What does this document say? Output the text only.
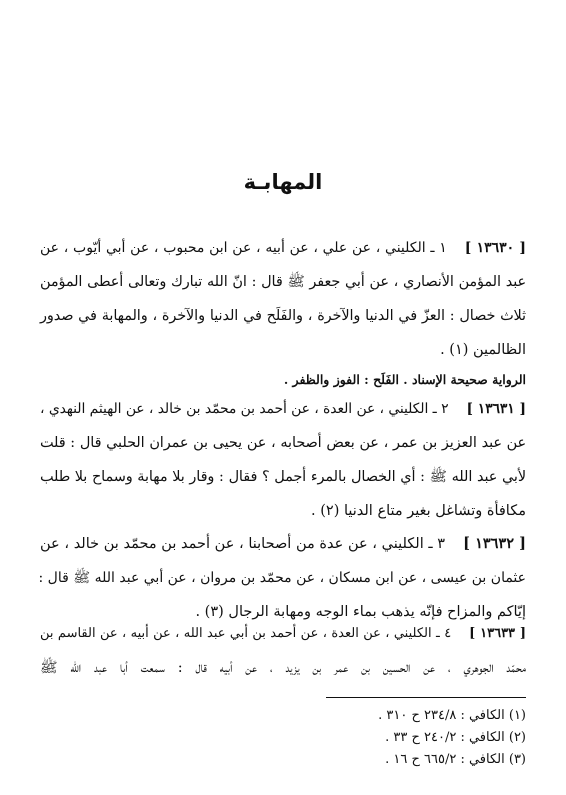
المهابـة
[ ١٣٦٣٠ ]١ ـ الكليني ، عن علي ، عن أبيه ، عن ابن محبوب ، عن أبي أيّوب ، عن
عبد المؤمن الأنصاري ، عن أبي جعفر ﷺ قال : انّ الله تبارك وتعالى أعطى المؤمن
ثلاث خصال : العزّ في الدنيا والآخرة ، والفَلَح في الدنيا والآخرة ، والمهابة في صدور
الظالمين (١) .
الرواية صحيحة الإسناد . الفَلَح : الفوز والظفر .
[ ١٣٦٣١ ]٢ ـ الكليني ، عن العدة ، عن أحمد بن محمّد بن خالد ، عن الهيثم النهدي ،
عن عبد العزيز بن عمر ، عن بعض أصحابه ، عن يحيى بن عمران الحلبي قال : قلت
لأبي عبد الله ﷺ : أي الخصال بالمرء أجمل ؟ فقال : وقار بلا مهابة وسماح بلا طلب
مكافأة وتشاغل بغير متاع الدنيا (٢) .
[ ١٣٦٣٢ ]٣ ـ الكليني ، عن عدة من أصحابنا ، عن أحمد بن محمّد بن خالد ، عن
عثمان بن عيسى ، عن ابن مسكان ، عن محمّد بن مروان ، عن أبي عبد الله ﷺ قال :
إيّاكم والمزاح فإنّه يذهب بماء الوجه ومهابة الرجال (٣) .
[ ١٣٦٣٣ ]٤ ـ الكليني ، عن العدة ، عن أحمد بن أبي عبد الله ، عن أبيه ، عن القاسم بن
محمّد الجوهري ، عن الحسين بن عمر بن يزيد ، عن أبيه قال : سمعت أبا عبد الله ﷺ
(١) الكافي : ٢٣٤/٨ ح ٣١٠ .
(٢) الكافي : ٢٤٠/٢ ح ٣٣ .
(٣) الكافي : ٦٦٥/٢ ح ١٦ .
